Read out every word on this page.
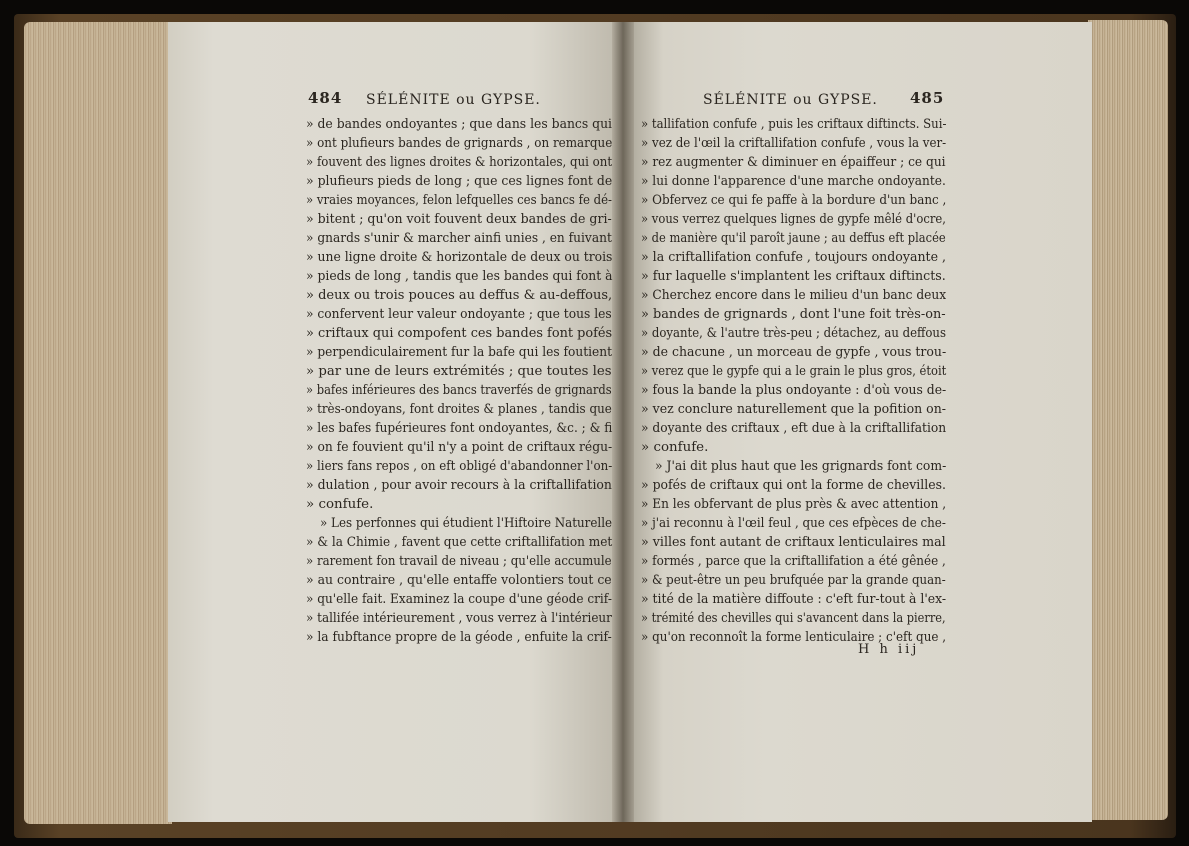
484 SÉLÉNITE ou GYPSE.	SÉLÉNITE ou GYPSE. 485
» de bandes ondoyantes ; que dans les bancs qui
» ont plufieurs bandes de grignards , on remarque
» fouvent des lignes droites & horizontales, qui ont
» plufieurs pieds de long ; que ces lignes font de
» vraies moyances, felon lefquelles ces bancs fe dé-
» bitent ; qu'on voit fouvent deux bandes de gri-
» gnards s'unir & marcher ainfi unies , en fuivant
» une ligne droite & horizontale de deux ou trois
» pieds de long , tandis que les bandes qui font à
» deux ou trois pouces au deffus & au-deffous,
» confervent leur valeur ondoyante ; que tous les
» criftaux qui compofent ces bandes font pofés
» perpendiculairement fur la bafe qui les foutient
» par une de leurs extrémités ; que toutes les
» bafes inférieures des bancs traverfés de grignards
» très-ondoyans, font droites & planes , tandis que
» les bafes fupérieures font ondoyantes, &c. ; & fi
» on fe fouvient qu'il n'y a point de criftaux régu-
» liers fans repos , on eft obligé d'abandonner l'on-
» dulation , pour avoir recours à la criftallifation
» confufe.
» Les perfonnes qui étudient l'Hiftoire Naturelle
» & la Chimie , favent que cette criftallifation met
» rarement fon travail de niveau ; qu'elle accumule
» au contraire , qu'elle entaffe volontiers tout ce
» qu'elle fait. Examinez la coupe d'une géode crif-
» tallifée intérieurement , vous verrez à l'intérieur
» la fubftance propre de la géode , enfuite la crif-
» tallifation confufe , puis les criftaux diftincts. Sui-
» vez de l'œil la criftallifation confufe , vous la ver-
» rez augmenter & diminuer en épaiffeur ; ce qui
» lui donne l'apparence d'une marche ondoyante.
» Obfervez ce qui fe paffe à la bordure d'un banc ,
» vous verrez quelques lignes de gypfe mêlé d'ocre,
» de manière qu'il paroît jaune ; au deffus eft placée
» la criftallifation confufe , toujours ondoyante ,
» fur laquelle s'implantent les criftaux diftincts.
» Cherchez encore dans le milieu d'un banc deux
» bandes de grignards , dont l'une foit très-on-
» doyante, & l'autre très-peu ; détachez, au deffous
» de chacune , un morceau de gypfe , vous trou-
» verez que le gypfe qui a le grain le plus gros, étoit
» fous la bande la plus ondoyante : d'où vous de-
» vez conclure naturellement que la pofition on-
» doyante des criftaux , eft due à la criftallifation
» confufe.
» J'ai dit plus haut que les grignards font com-
» pofés de criftaux qui ont la forme de chevilles.
» En les obfervant de plus près & avec attention ,
» j'ai reconnu à l'œil feul , que ces efpèces de che-
» villes font autant de criftaux lenticulaires mal
» formés , parce que la criftallifation a été gênée ,
» & peut-être un peu brufquée par la grande quan-
» tité de la matière diffoute : c'eft fur-tout à l'ex-
» trémité des chevilles qui s'avancent dans la pierre,
» qu'on reconnoît la forme lenticulaire ; c'eft que ,
H h iij
